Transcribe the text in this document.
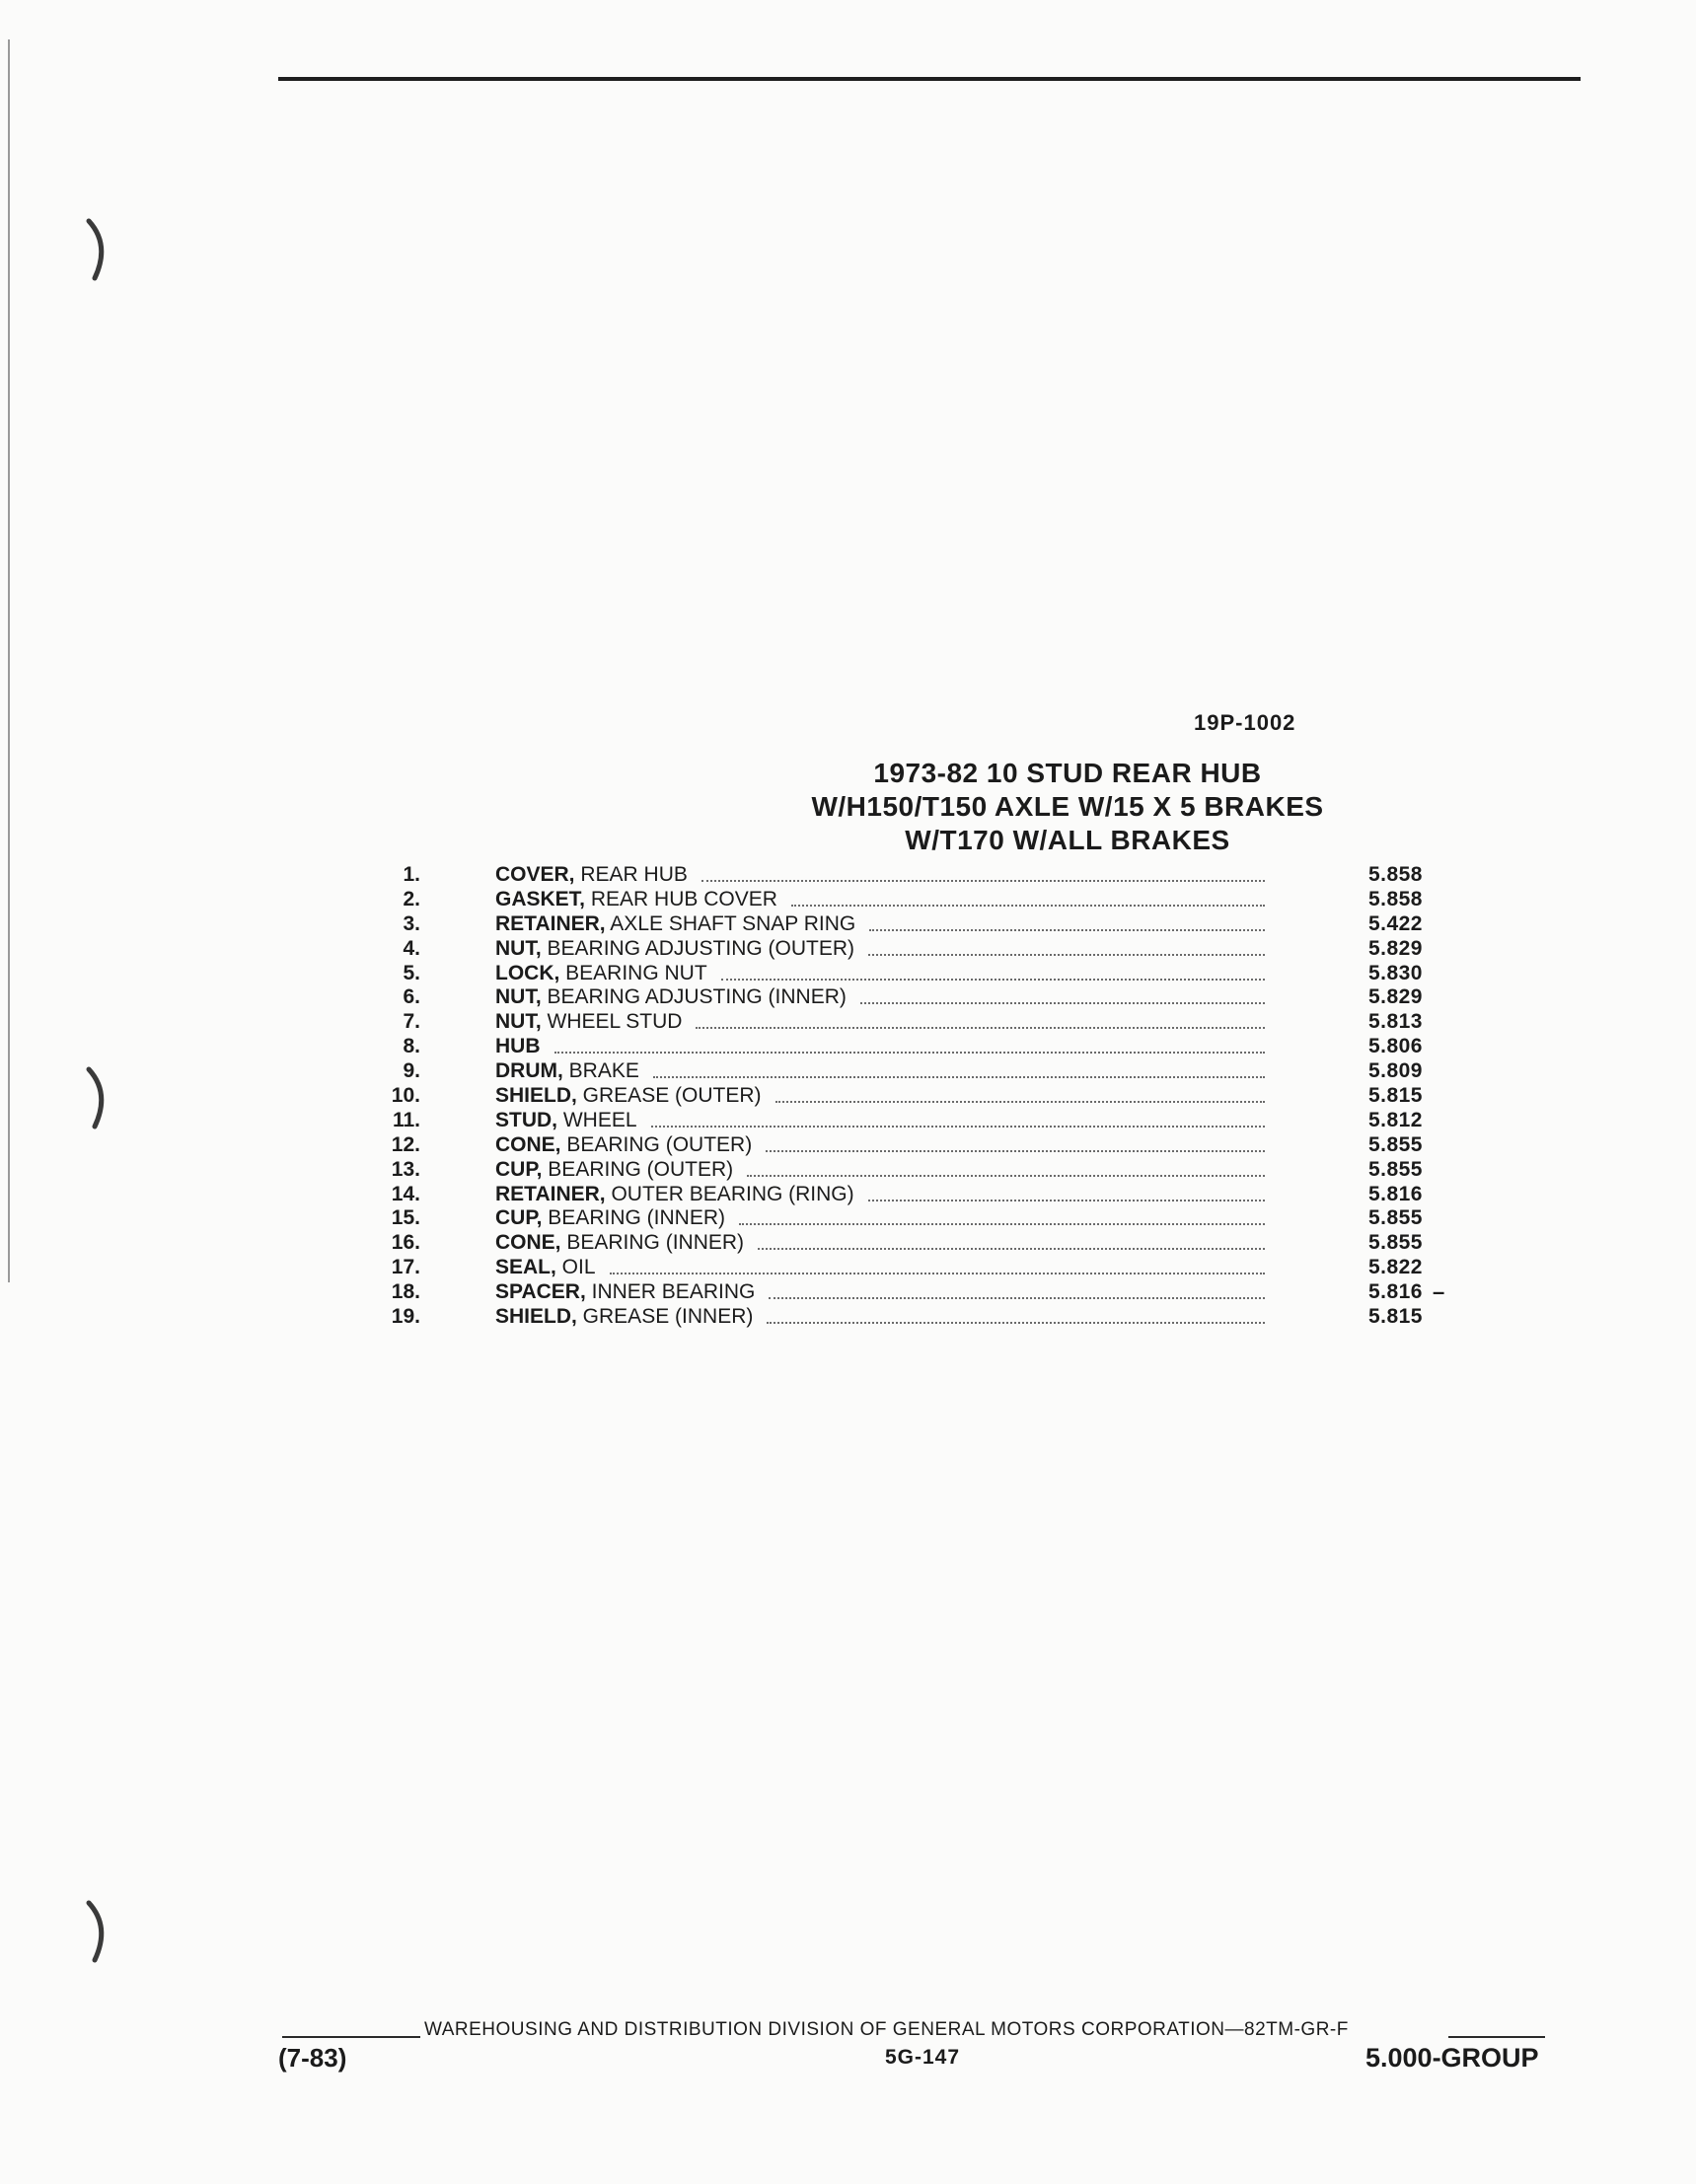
19P-1002
1973-82 10 STUD REAR HUB
W/H150/T150 AXLE W/15 X 5 BRAKES
W/T170 W/ALL BRAKES
1.	COVER, REAR HUB	5.858
2.	GASKET, REAR HUB COVER	5.858
3.	RETAINER, AXLE SHAFT SNAP RING	5.422
4.	NUT, BEARING ADJUSTING (OUTER)	5.829
5.	LOCK, BEARING NUT	5.830
6.	NUT, BEARING ADJUSTING (INNER)	5.829
7.	NUT, WHEEL STUD	5.813
8.	HUB	5.806
9.	DRUM, BRAKE	5.809
10.	SHIELD, GREASE (OUTER)	5.815
11.	STUD, WHEEL	5.812
12.	CONE, BEARING (OUTER)	5.855
13.	CUP, BEARING (OUTER)	5.855
14.	RETAINER, OUTER BEARING (RING)	5.816
15.	CUP, BEARING (INNER)	5.855
16.	CONE, BEARING (INNER)	5.855
17.	SEAL, OIL	5.822
18.	SPACER, INNER BEARING	5.816 –
19.	SHIELD, GREASE (INNER)	5.815
WAREHOUSING AND DISTRIBUTION DIVISION OF GENERAL MOTORS CORPORATION—82TM-GR-F
(7-83)	5G-147	5.000-GROUP
